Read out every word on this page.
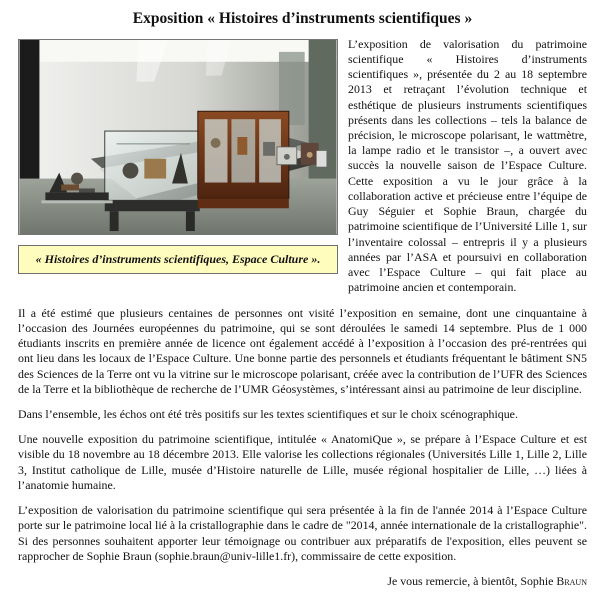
Exposition « Histoires d’instruments scientifiques »
« Histoires d’instruments scientifiques, Espace Culture ».

L’exposition de valorisation du patrimoine scientifique « Histoires d’instruments scientifiques », présentée du 2 au 18 septembre 2013 et retraçant l’évolution technique et esthétique de plusieurs instruments scientifiques présents dans les collections – tels la balance de précision, le microscope polarisant, le wattmètre, la lampe radio et le transistor –, a ouvert avec succès la nouvelle saison de l’Espace Culture. Cette exposition a vu le jour grâce à la collaboration active et précieuse entre l’équipe de Guy Séguier et Sophie Braun, chargée du patrimoine scientifique de l’Université Lille 1, sur l’inventaire colossal – entrepris il y a plusieurs années par l’ASA et poursuivi en collaboration avec l’Espace Culture – qui fait place au patrimoine ancien et contemporain.

Il a été estimé que plusieurs centaines de personnes ont visité l’exposition en semaine, dont une cinquantaine à l’occasion des Journées européennes du patrimoine, qui se sont déroulées le samedi 14 septembre. Plus de 1 000 étudiants inscrits en première année de licence ont également accédé à l’exposition à l’occasion des pré-rentrées qui ont lieu dans les locaux de l’Espace Culture. Une bonne partie des personnels et étudiants fréquentant le bâtiment SN5 des Sciences de la Terre ont vu la vitrine sur le microscope polarisant, créée avec la contribution de l’UFR des Sciences de la Terre et la bibliothèque de recherche de l’UMR Géosystèmes, s’intéressant ainsi au patrimoine de leur discipline.

Dans l’ensemble, les échos ont été très positifs sur les textes scientifiques et sur le choix scénographique.

Une nouvelle exposition du patrimoine scientifique, intitulée « AnatomiQue », se prépare à l’Espace Culture et est visible du 18 novembre au 18 décembre 2013. Elle valorise les collections régionales (Universités Lille 1, Lille 2, Lille 3, Institut catholique de Lille, musée d’Histoire naturelle de Lille, musée régional hospitalier de Lille, …) liées à l’anatomie humaine.

L’exposition de valorisation du patrimoine scientifique qui sera présentée à la fin de l'année 2014 à l’Espace Culture porte sur le patrimoine local lié à la cristallographie dans le cadre de "2014, année internationale de la cristallographie". Si des personnes souhaitent apporter leur témoignage ou contribuer aux préparatifs de l'exposition, elles peuvent se rapprocher de Sophie Braun (sophie.braun@univ-lille1.fr), commissaire de cette exposition.

Je vous remercie, à bientôt, Sophie Braun
